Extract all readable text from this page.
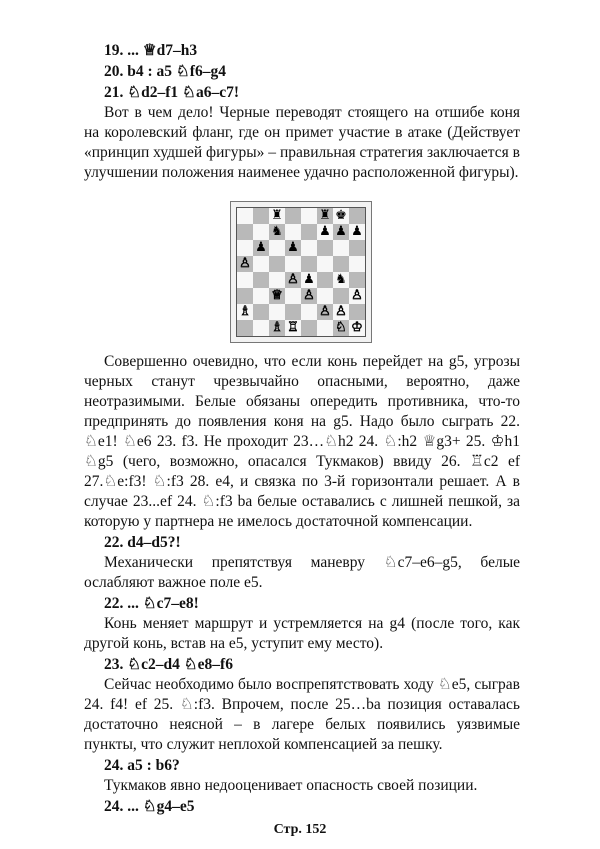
19. ... ♕d7–h3
20. b4 : a5 ♘f6–g4
21. ♘d2–f1 ♘a6–c7!

Вот в чем дело! Черные переводят стоящего на отшибе коня на королевский фланг, где он примет участие в атаке (Действует «принцип худшей фигуры» – правильная стратегия заключается в улучшении положения наименее удачно расположенной фигуры).

♜	♜ ♚
♞	♟ ♟ ♟
♟ ♟
♙
♙ ♟ ♞
♕ ♙	♙
♗	♙ ♙
♗ ♖	♘ ♔

Совершенно очевидно, что если конь перейдет на g5, угрозы черных станут чрезвычайно опасными, вероятно, даже неотразимыми. Белые обязаны опередить противника, что-то предпринять до появления коня на g5. Надо было сыграть 22. ♘e1! ♘e6 23. f3. Не проходит 23…♘h2 24. ♘:h2 ♕g3+ 25. ♔h1 ♘g5 (чего, возможно, опасался Тукмаков) ввиду 26. ♖c2 ef 27.♘e:f3! ♘:f3 28. e4, и связка по 3-й горизонтали решает. А в случае 23...ef 24. ♘:f3 ba белые оставались с лишней пешкой, за которую у партнера не имелось достаточной компенсации.

22. d4–d5?!

Механически препятствуя маневру ♘c7–e6–g5, белые ослабляют важное поле e5.

22. ... ♘c7–e8!

Конь меняет маршрут и устремляется на g4 (после того, как другой конь, встав на e5, уступит ему место).

23. ♘c2–d4 ♘e8–f6

Сейчас необходимо было воспрепятствовать ходу ♘e5, сыграв 24. f4! ef 25. ♘:f3. Впрочем, после 25…ba позиция оставалась достаточно неясной – в лагере белых появились уязвимые пункты, что служит неплохой компенсацией за пешку.

24. a5 : b6?

Тукмаков явно недооценивает опасность своей позиции.

24. ... ♘g4–e5
Стр. 152
